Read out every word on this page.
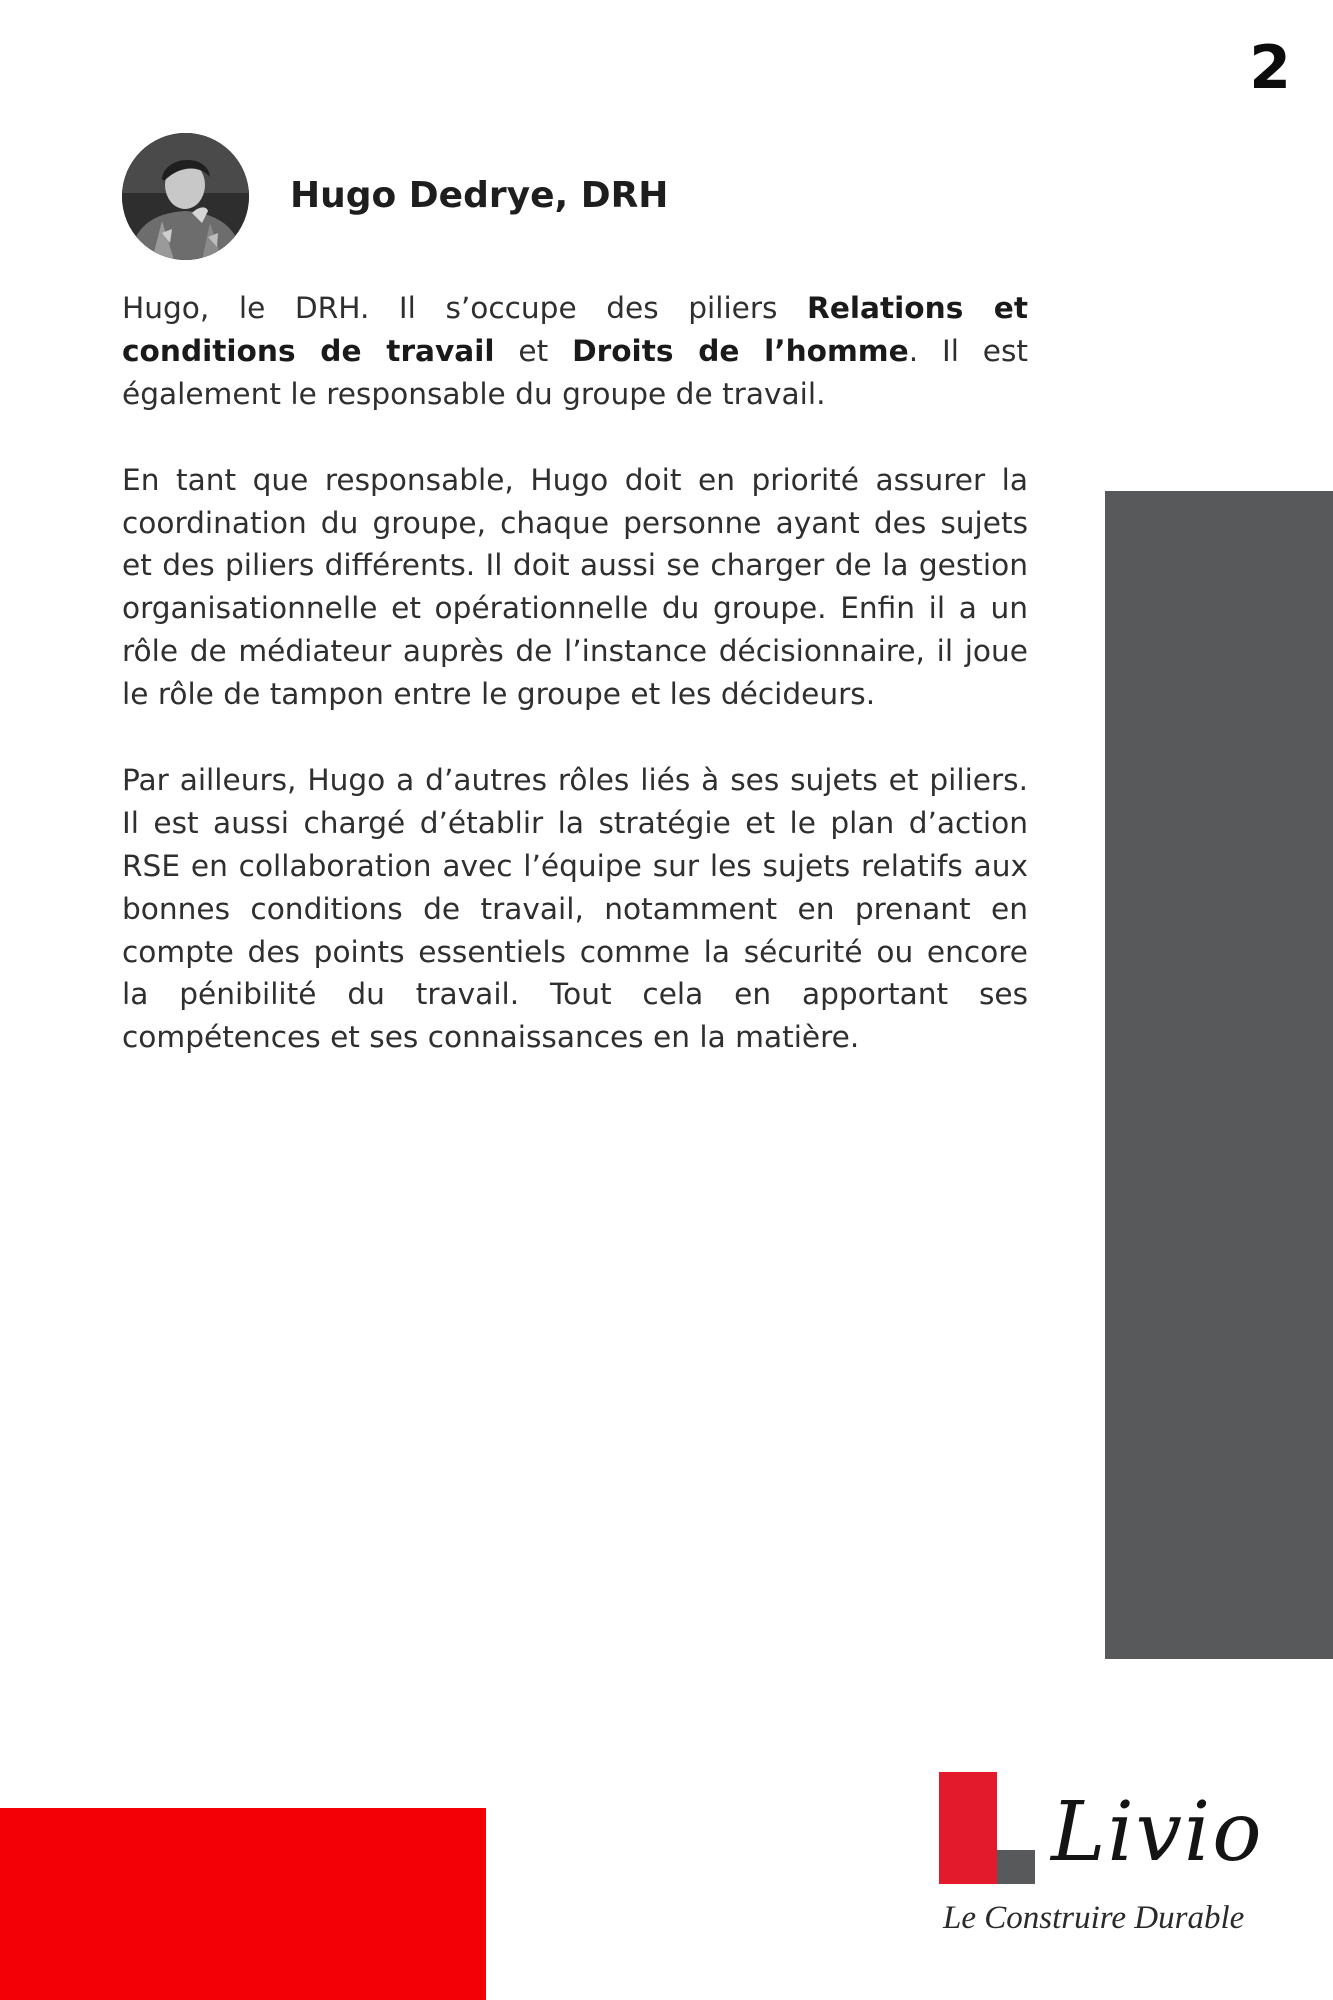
2
Hugo Dedrye, DRH

Hugo, le DRH. Il s’occupe des piliers Relations et conditions de travail et Droits de l’homme. Il est également le responsable du groupe de travail.

En tant que responsable, Hugo doit en priorité assurer la coordination du groupe, chaque personne ayant des sujets et des piliers différents. Il doit aussi se charger de la gestion organisationnelle et opérationnelle du groupe. Enfin il a un rôle de médiateur auprès de l’instance décisionnaire, il joue le rôle de tampon entre le groupe et les décideurs.

Par ailleurs, Hugo a d’autres rôles liés à ses sujets et piliers. Il est aussi chargé d’établir la stratégie et le plan d’action RSE en collaboration avec l’équipe sur les sujets relatifs aux bonnes conditions de travail, notamment en prenant en compte des points essentiels comme la sécurité ou encore la pénibilité du travail. Tout cela en apportant ses compétences et ses connaissances en la matière.

Livio
Le Construire Durable
